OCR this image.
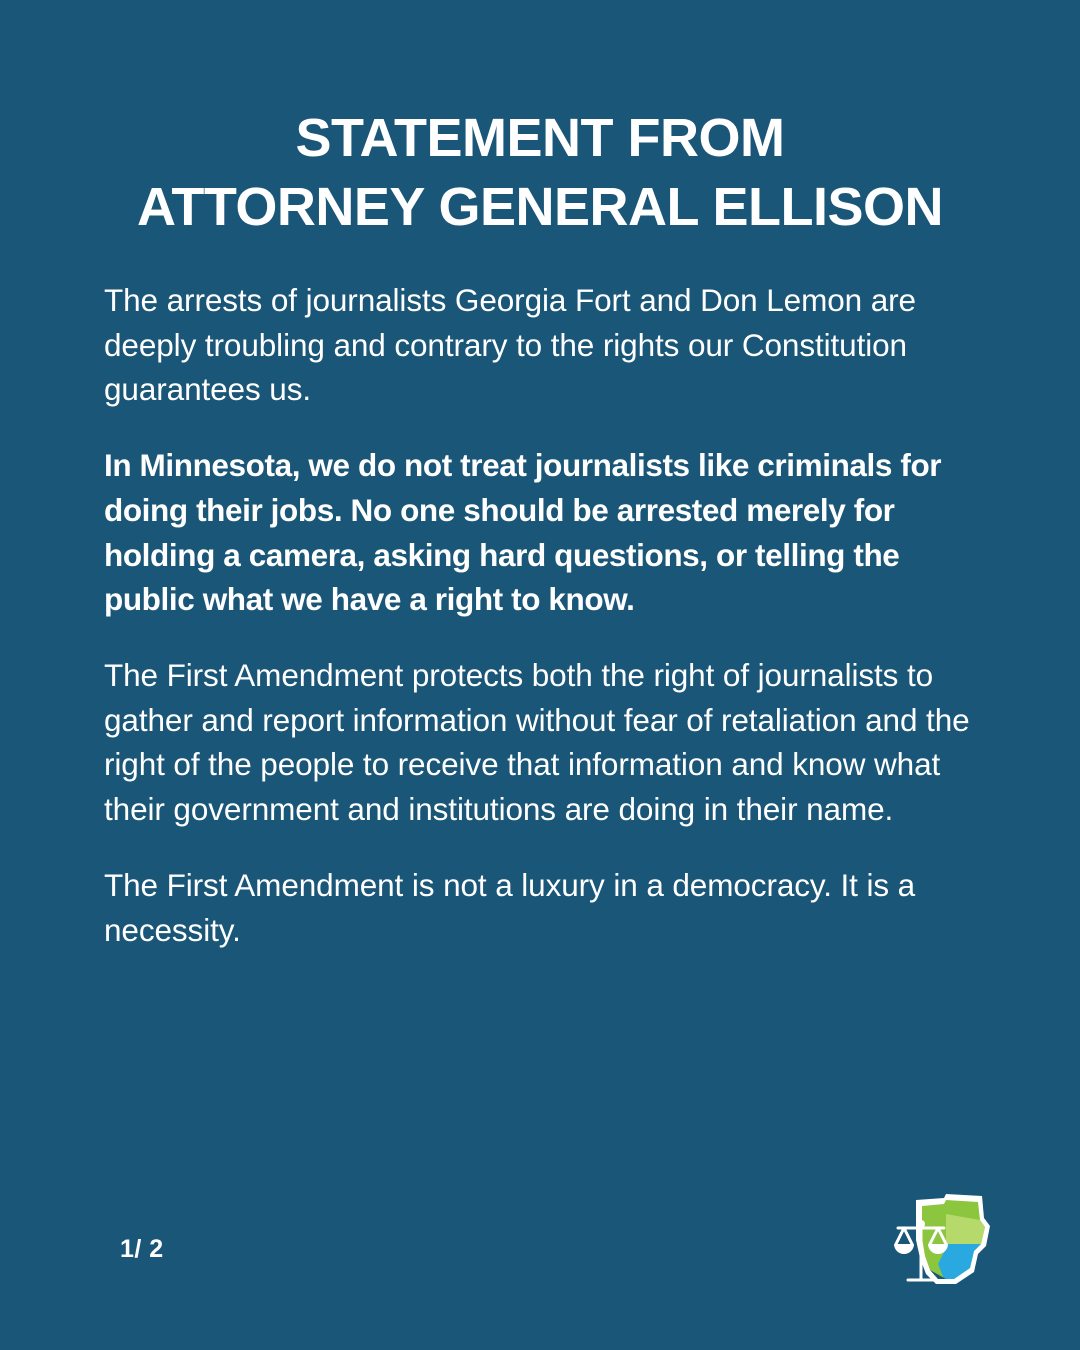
STATEMENT FROM
ATTORNEY GENERAL ELLISON

The arrests of journalists Georgia Fort and Don Lemon are deeply troubling and contrary to the rights our Constitution guarantees us.

In Minnesota, we do not treat journalists like criminals for doing their jobs. No one should be arrested merely for holding a camera, asking hard questions, or telling the public what we have a right to know.

The First Amendment protects both the right of journalists to gather and report information without fear of retaliation and the right of the people to receive that information and know what their government and institutions are doing in their name.

The First Amendment is not a luxury in a democracy. It is a necessity.

1/ 2
